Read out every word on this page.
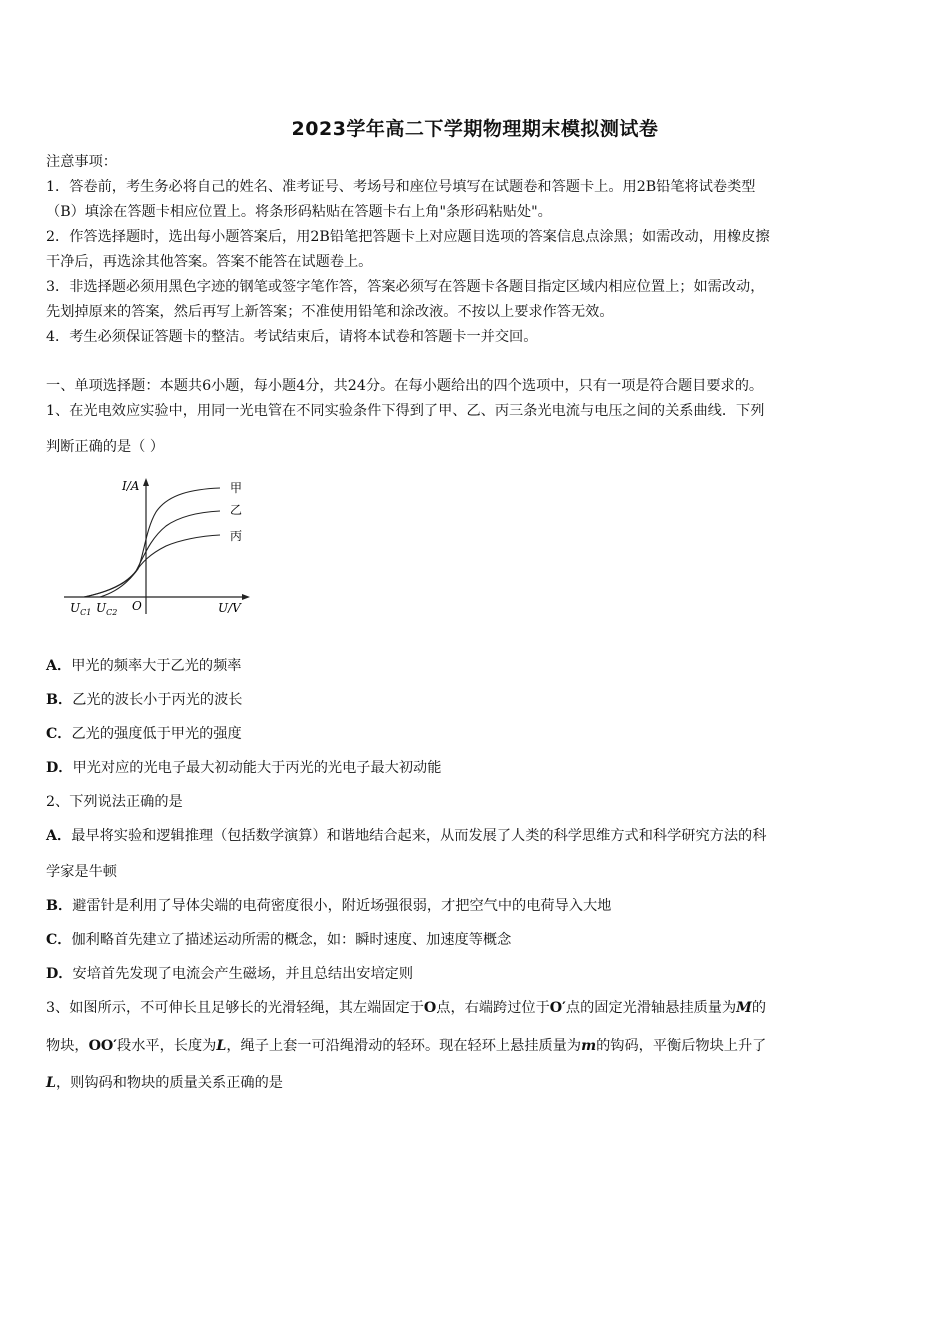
2023学年高二下学期物理期末模拟测试卷
注意事项：
1．答卷前，考生务必将自己的姓名、准考证号、考场号和座位号填写在试题卷和答题卡上。用2B铅笔将试卷类型
（B）填涂在答题卡相应位置上。将条形码粘贴在答题卡右上角"条形码粘贴处"。
2．作答选择题时，选出每小题答案后，用2B铅笔把答题卡上对应题目选项的答案信息点涂黑；如需改动，用橡皮擦
干净后，再选涂其他答案。答案不能答在试题卷上。
3．非选择题必须用黑色字迹的钢笔或签字笔作答，答案必须写在答题卡各题目指定区域内相应位置上；如需改动，
先划掉原来的答案，然后再写上新答案；不准使用铅笔和涂改液。不按以上要求作答无效。
4．考生必须保证答题卡的整洁。考试结束后，请将本试卷和答题卡一并交回。
一、单项选择题：本题共6小题，每小题4分，共24分。在每小题给出的四个选项中，只有一项是符合题目要求的。
1、在光电效应实验中，用同一光电管在不同实验条件下得到了甲、乙、丙三条光电流与电压之间的关系曲线．下列
判断正确的是（ ）
I/A	甲
乙
丙
O	U/V
$U_{C1}$ $U_{C2}$
A．甲光的频率大于乙光的频率
B．乙光的波长小于丙光的波长
C．乙光的强度低于甲光的强度
D．甲光对应的光电子最大初动能大于丙光的光电子最大初动能
2、下列说法正确的是
A．最早将实验和逻辑推理（包括数学演算）和谐地结合起来，从而发展了人类的科学思维方式和科学研究方法的科
学家是牛顿
B．避雷针是利用了导体尖端的电荷密度很小，附近场强很弱，才把空气中的电荷导入大地
C．伽利略首先建立了描述运动所需的概念，如：瞬时速度、加速度等概念
D．安培首先发现了电流会产生磁场，并且总结出安培定则
3、如图所示，不可伸长且足够长的光滑轻绳，其左端固定于O点，右端跨过位于O′点的固定光滑轴悬挂质量为M的
物块，OO′段水平，长度为L，绳子上套一可沿绳滑动的轻环。现在轻环上悬挂质量为m的钩码，平衡后物块上升了
L，则钩码和物块的质量关系正确的是
